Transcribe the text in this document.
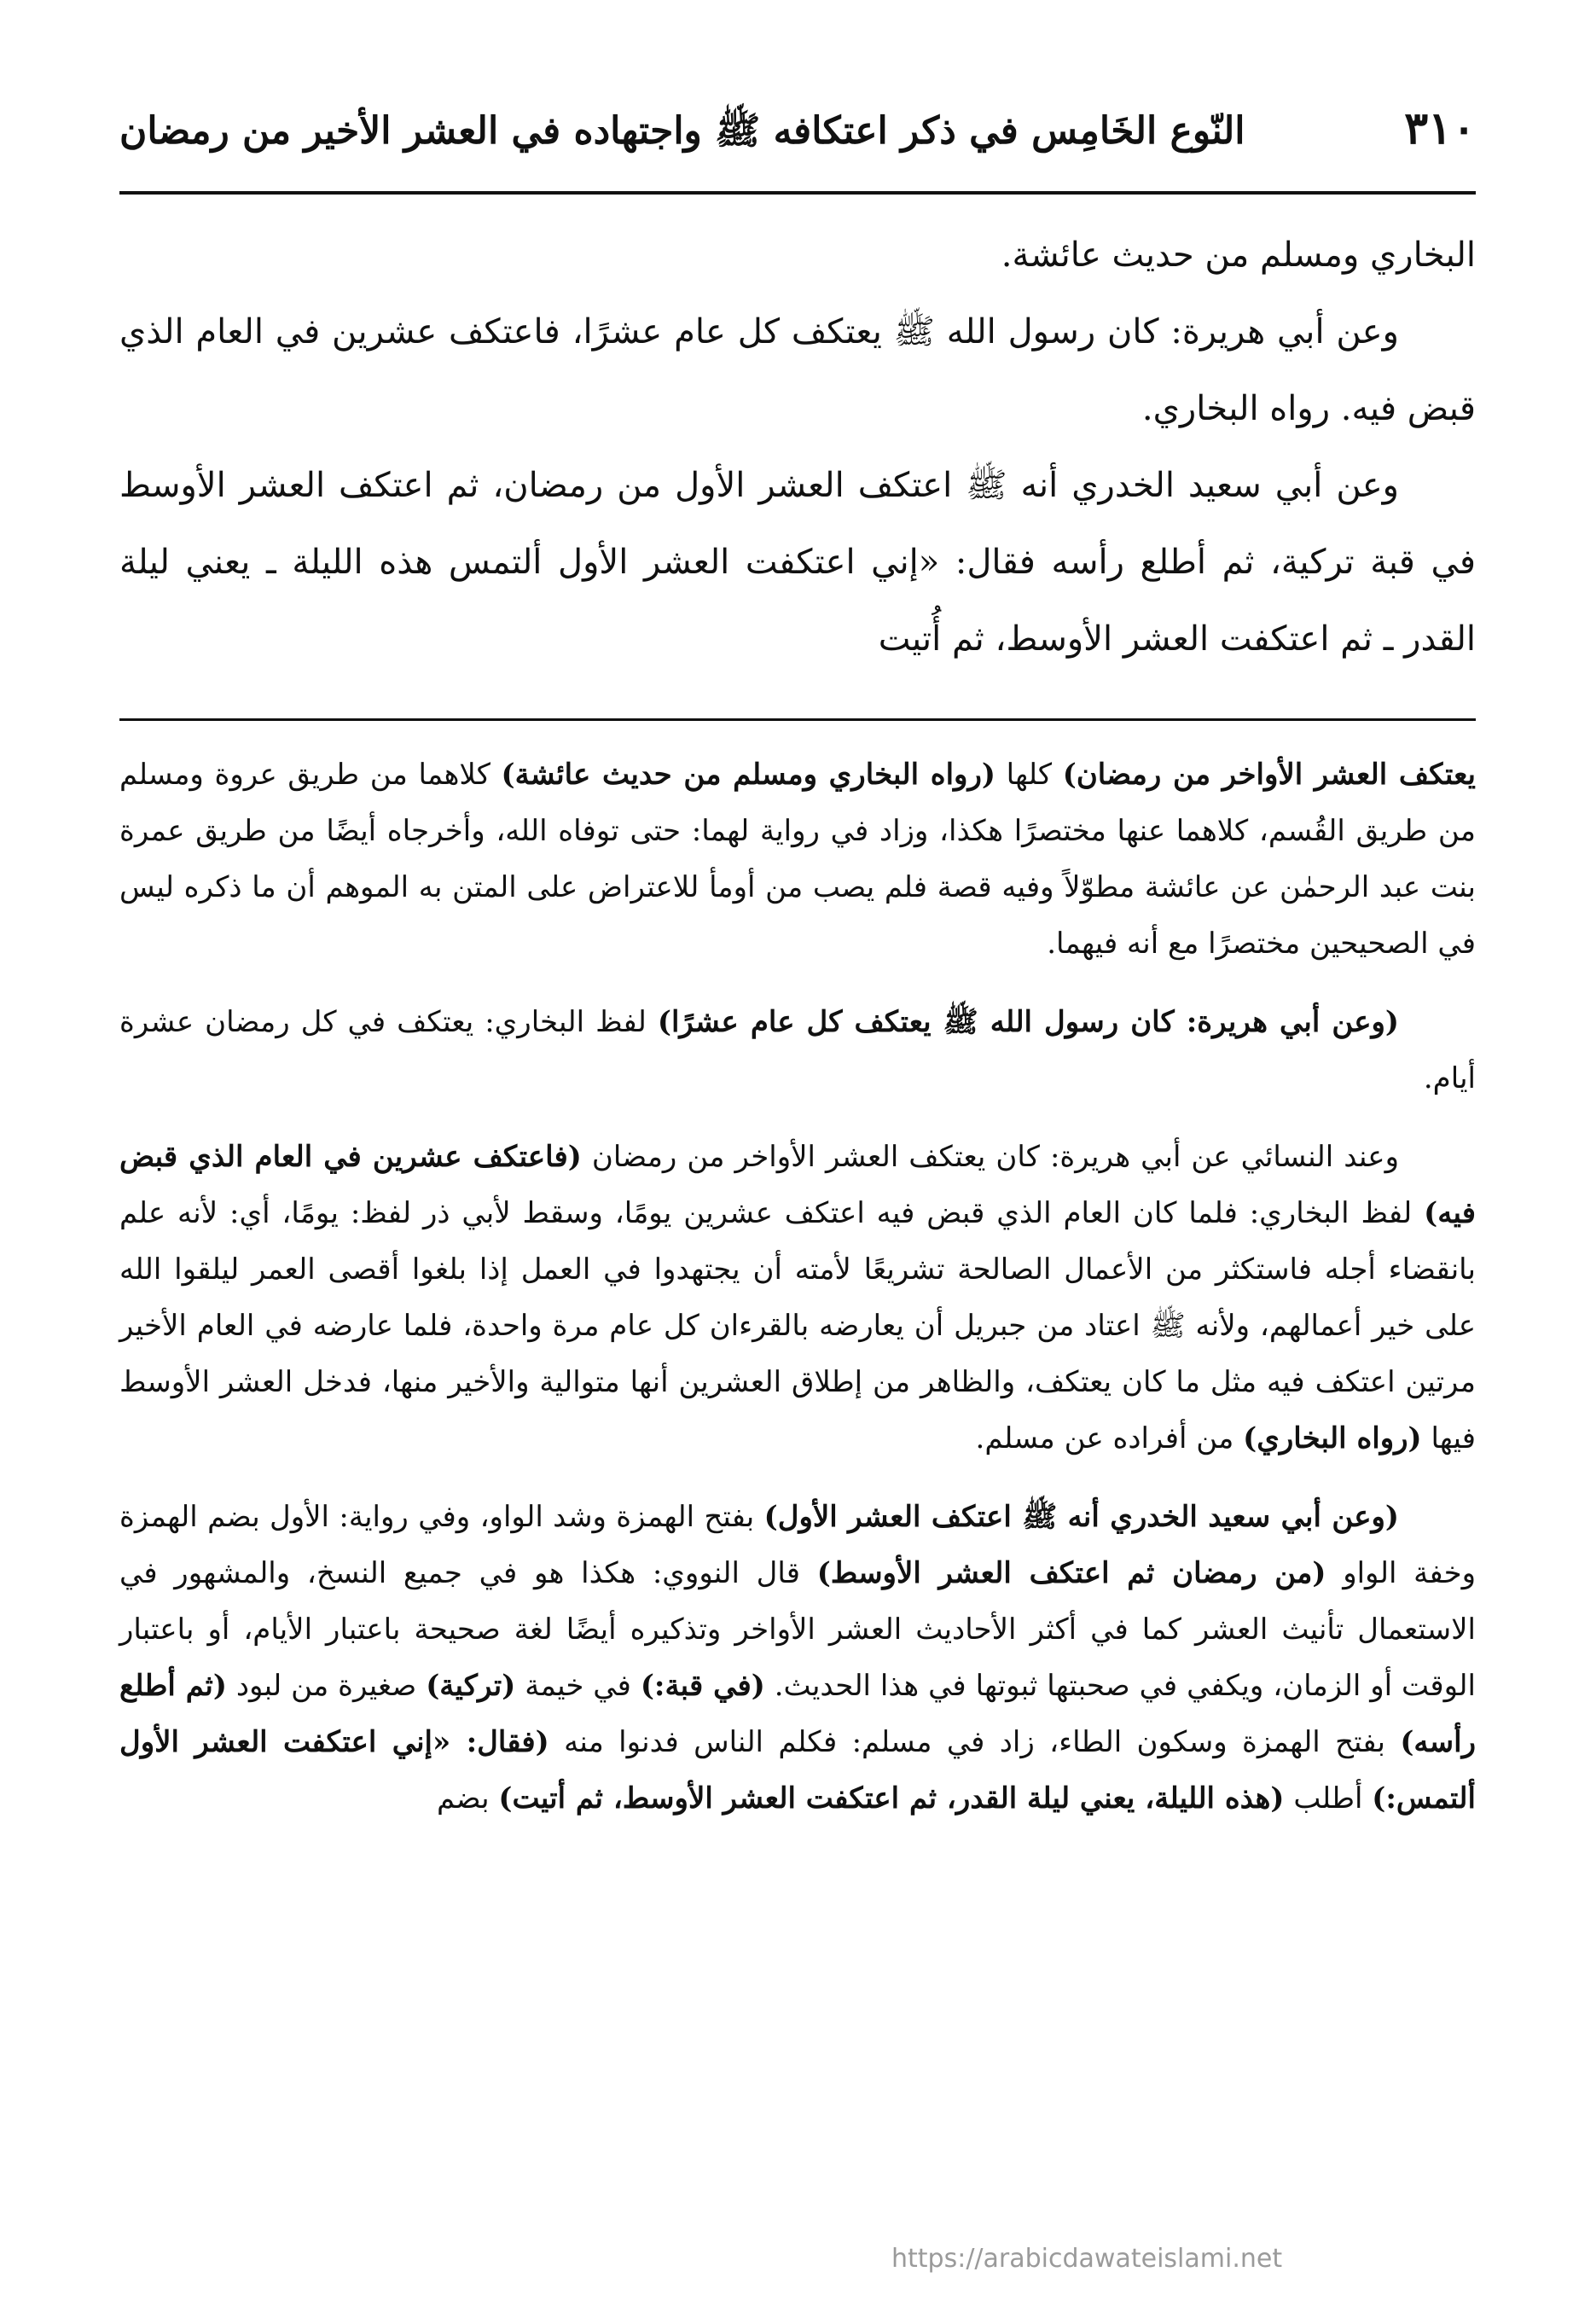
٣١٠
النّوع الخَامِس في ذكر اعتكافه ﷺ واجتهاده في العشر الأخير من رمضان

البخاري ومسلم من حديث عائشة.

وعن أبي هريرة: كان رسول الله ﷺ يعتكف كل عام عشرًا، فاعتكف عشرين في العام الذي قبض فيه. رواه البخاري.

وعن أبي سعيد الخدري أنه ﷺ اعتكف العشر الأول من رمضان، ثم اعتكف العشر الأوسط في قبة تركية، ثم أطلع رأسه فقال: «إني اعتكفت العشر الأول ألتمس هذه الليلة ـ يعني ليلة القدر ـ ثم اعتكفت العشر الأوسط، ثم أُتيت

يعتكف العشر الأواخر من رمضان) كلها (رواه البخاري ومسلم من حديث عائشة) كلاهما من طريق عروة ومسلم من طريق القُسم، كلاهما عنها مختصرًا هكذا، وزاد في رواية لهما: حتى توفاه الله، وأخرجاه أيضًا من طريق عمرة بنت عبد الرحمٰن عن عائشة مطوّلاً وفيه قصة فلم يصب من أومأ للاعتراض على المتن به الموهم أن ما ذكره ليس في الصحيحين مختصرًا مع أنه فيهما.

(وعن أبي هريرة: كان رسول الله ﷺ يعتكف كل عام عشرًا) لفظ البخاري: يعتكف في كل رمضان عشرة أيام.

وعند النسائي عن أبي هريرة: كان يعتكف العشر الأواخر من رمضان (فاعتكف عشرين في العام الذي قبض فيه) لفظ البخاري: فلما كان العام الذي قبض فيه اعتكف عشرين يومًا، وسقط لأبي ذر لفظ: يومًا، أي: لأنه علم بانقضاء أجله فاستكثر من الأعمال الصالحة تشريعًا لأمته أن يجتهدوا في العمل إذا بلغوا أقصى العمر ليلقوا الله على خير أعمالهم، ولأنه ﷺ اعتاد من جبريل أن يعارضه بالقرءان كل عام مرة واحدة، فلما عارضه في العام الأخير مرتين اعتكف فيه مثل ما كان يعتكف، والظاهر من إطلاق العشرين أنها متوالية والأخير منها، فدخل العشر الأوسط فيها (رواه البخاري) من أفراده عن مسلم.

(وعن أبي سعيد الخدري أنه ﷺ اعتكف العشر الأول) بفتح الهمزة وشد الواو، وفي رواية: الأول بضم الهمزة وخفة الواو (من رمضان ثم اعتكف العشر الأوسط) قال النووي: هكذا هو في جميع النسخ، والمشهور في الاستعمال تأنيث العشر كما في أكثر الأحاديث العشر الأواخر وتذكيره أيضًا لغة صحيحة باعتبار الأيام، أو باعتبار الوقت أو الزمان، ويكفي في صحبتها ثبوتها في هذا الحديث. (في قبة:) في خيمة (تركية) صغيرة من لبود (ثم أطلع رأسه) بفتح الهمزة وسكون الطاء، زاد في مسلم: فكلم الناس فدنوا منه (فقال: «إني اعتكفت العشر الأول ألتمس:) أطلب (هذه الليلة، يعني ليلة القدر، ثم اعتكفت العشر الأوسط، ثم أتيت) بضم

https://arabicdawateislami.net
